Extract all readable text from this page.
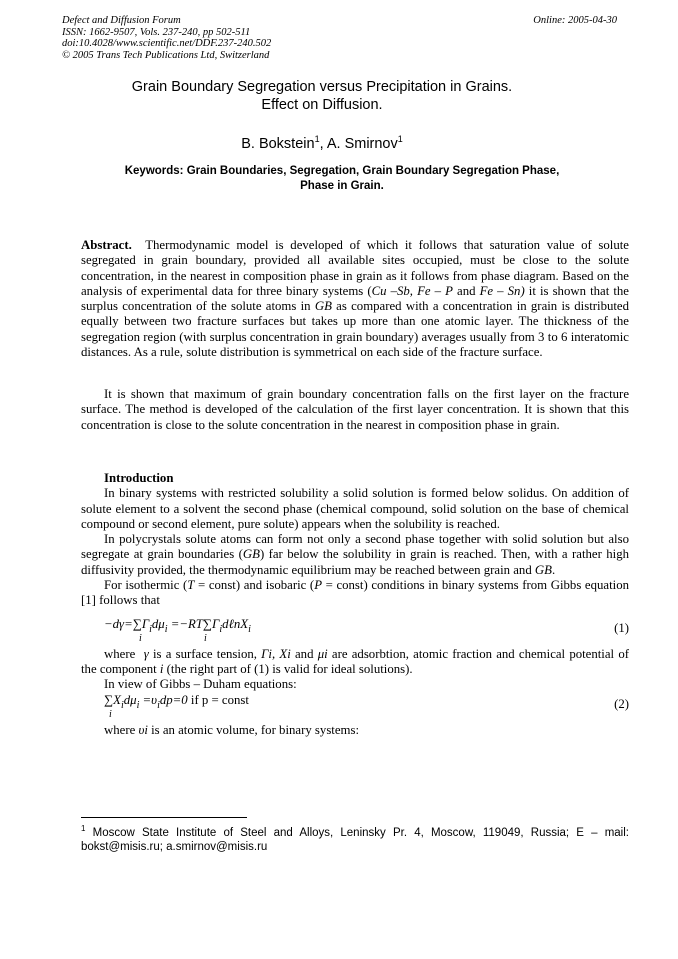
Defect and Diffusion Forum
ISSN: 1662-9507, Vols. 237-240, pp 502-511
doi:10.4028/www.scientific.net/DDF.237-240.502
© 2005 Trans Tech Publications Ltd, Switzerland
Online: 2005-04-30
Grain Boundary Segregation versus Precipitation in Grains.
Effect on Diffusion.
B. Bokstein$^1$, A. Smirnov$^1$
Keywords: Grain Boundaries, Segregation, Grain Boundary Segregation Phase,
Phase in Grain.

Abstract. Thermodynamic model is developed of which it follows that saturation value of solute segregated in grain boundary, provided all available sites occupied, must be close to the solute concentration, in the nearest in composition phase in grain as it follows from phase diagram. Based on the analysis of experimental data for three binary systems (Cu –Sb, Fe – P and Fe – Sn) it is shown that the surplus concentration of the solute atoms in GB as compared with a concentration in grain is distributed equally between two fracture surfaces but takes up more than one atomic layer. The thickness of the segregation region (with surplus concentration in grain boundary) averages usually from 3 to 6 interatomic distances. As a rule, solute distribution is symmetrical on each side of the fracture surface.

It is shown that maximum of grain boundary concentration falls on the first layer on the fracture surface. The method is developed of the calculation of the first layer concentration. It is shown that this concentration is close to the solute concentration in the nearest in composition phase in grain.

Introduction

In binary systems with restricted solubility a solid solution is formed below solidus. On addition of solute element to a solvent the second phase (chemical compound, solid solution on the base of chemical compound or second element, pure solute) appears when the solubility is reached.

In polycrystals solute atoms can form not only a second phase together with solid solution but also segregate at grain boundaries (GB) far below the solubility in grain is reached. Then, with a rather high diffusivity provided, the thermodynamic equilibrium may be reached between grain and GB.

For isothermic (T = const) and isobaric (P = const) conditions in binary systems from Gibbs equation [1] follows that

$-d\gamma=\sum\Gamma_id\mu_i$ $=-RT\sum\Gamma_id\ell nX_i$
i	i
(1)

where γ is a surface tension, Γi, Xi and μi are adsorbtion, atomic fraction and chemical potential of the component i (the right part of (1) is valid for ideal solutions).

In view of Gibbs – Duham equations:

$\sum X_id\mu_i =\upsilon_idp=0$ if p = const
i
(2)

where υi is an atomic volume, for binary systems:

$^1$ Moscow State Institute of Steel and Alloys, Leninsky Pr. 4, Moscow, 119049, Russia; E – mail: bokst@misis.ru; a.smirnov@misis.ru
